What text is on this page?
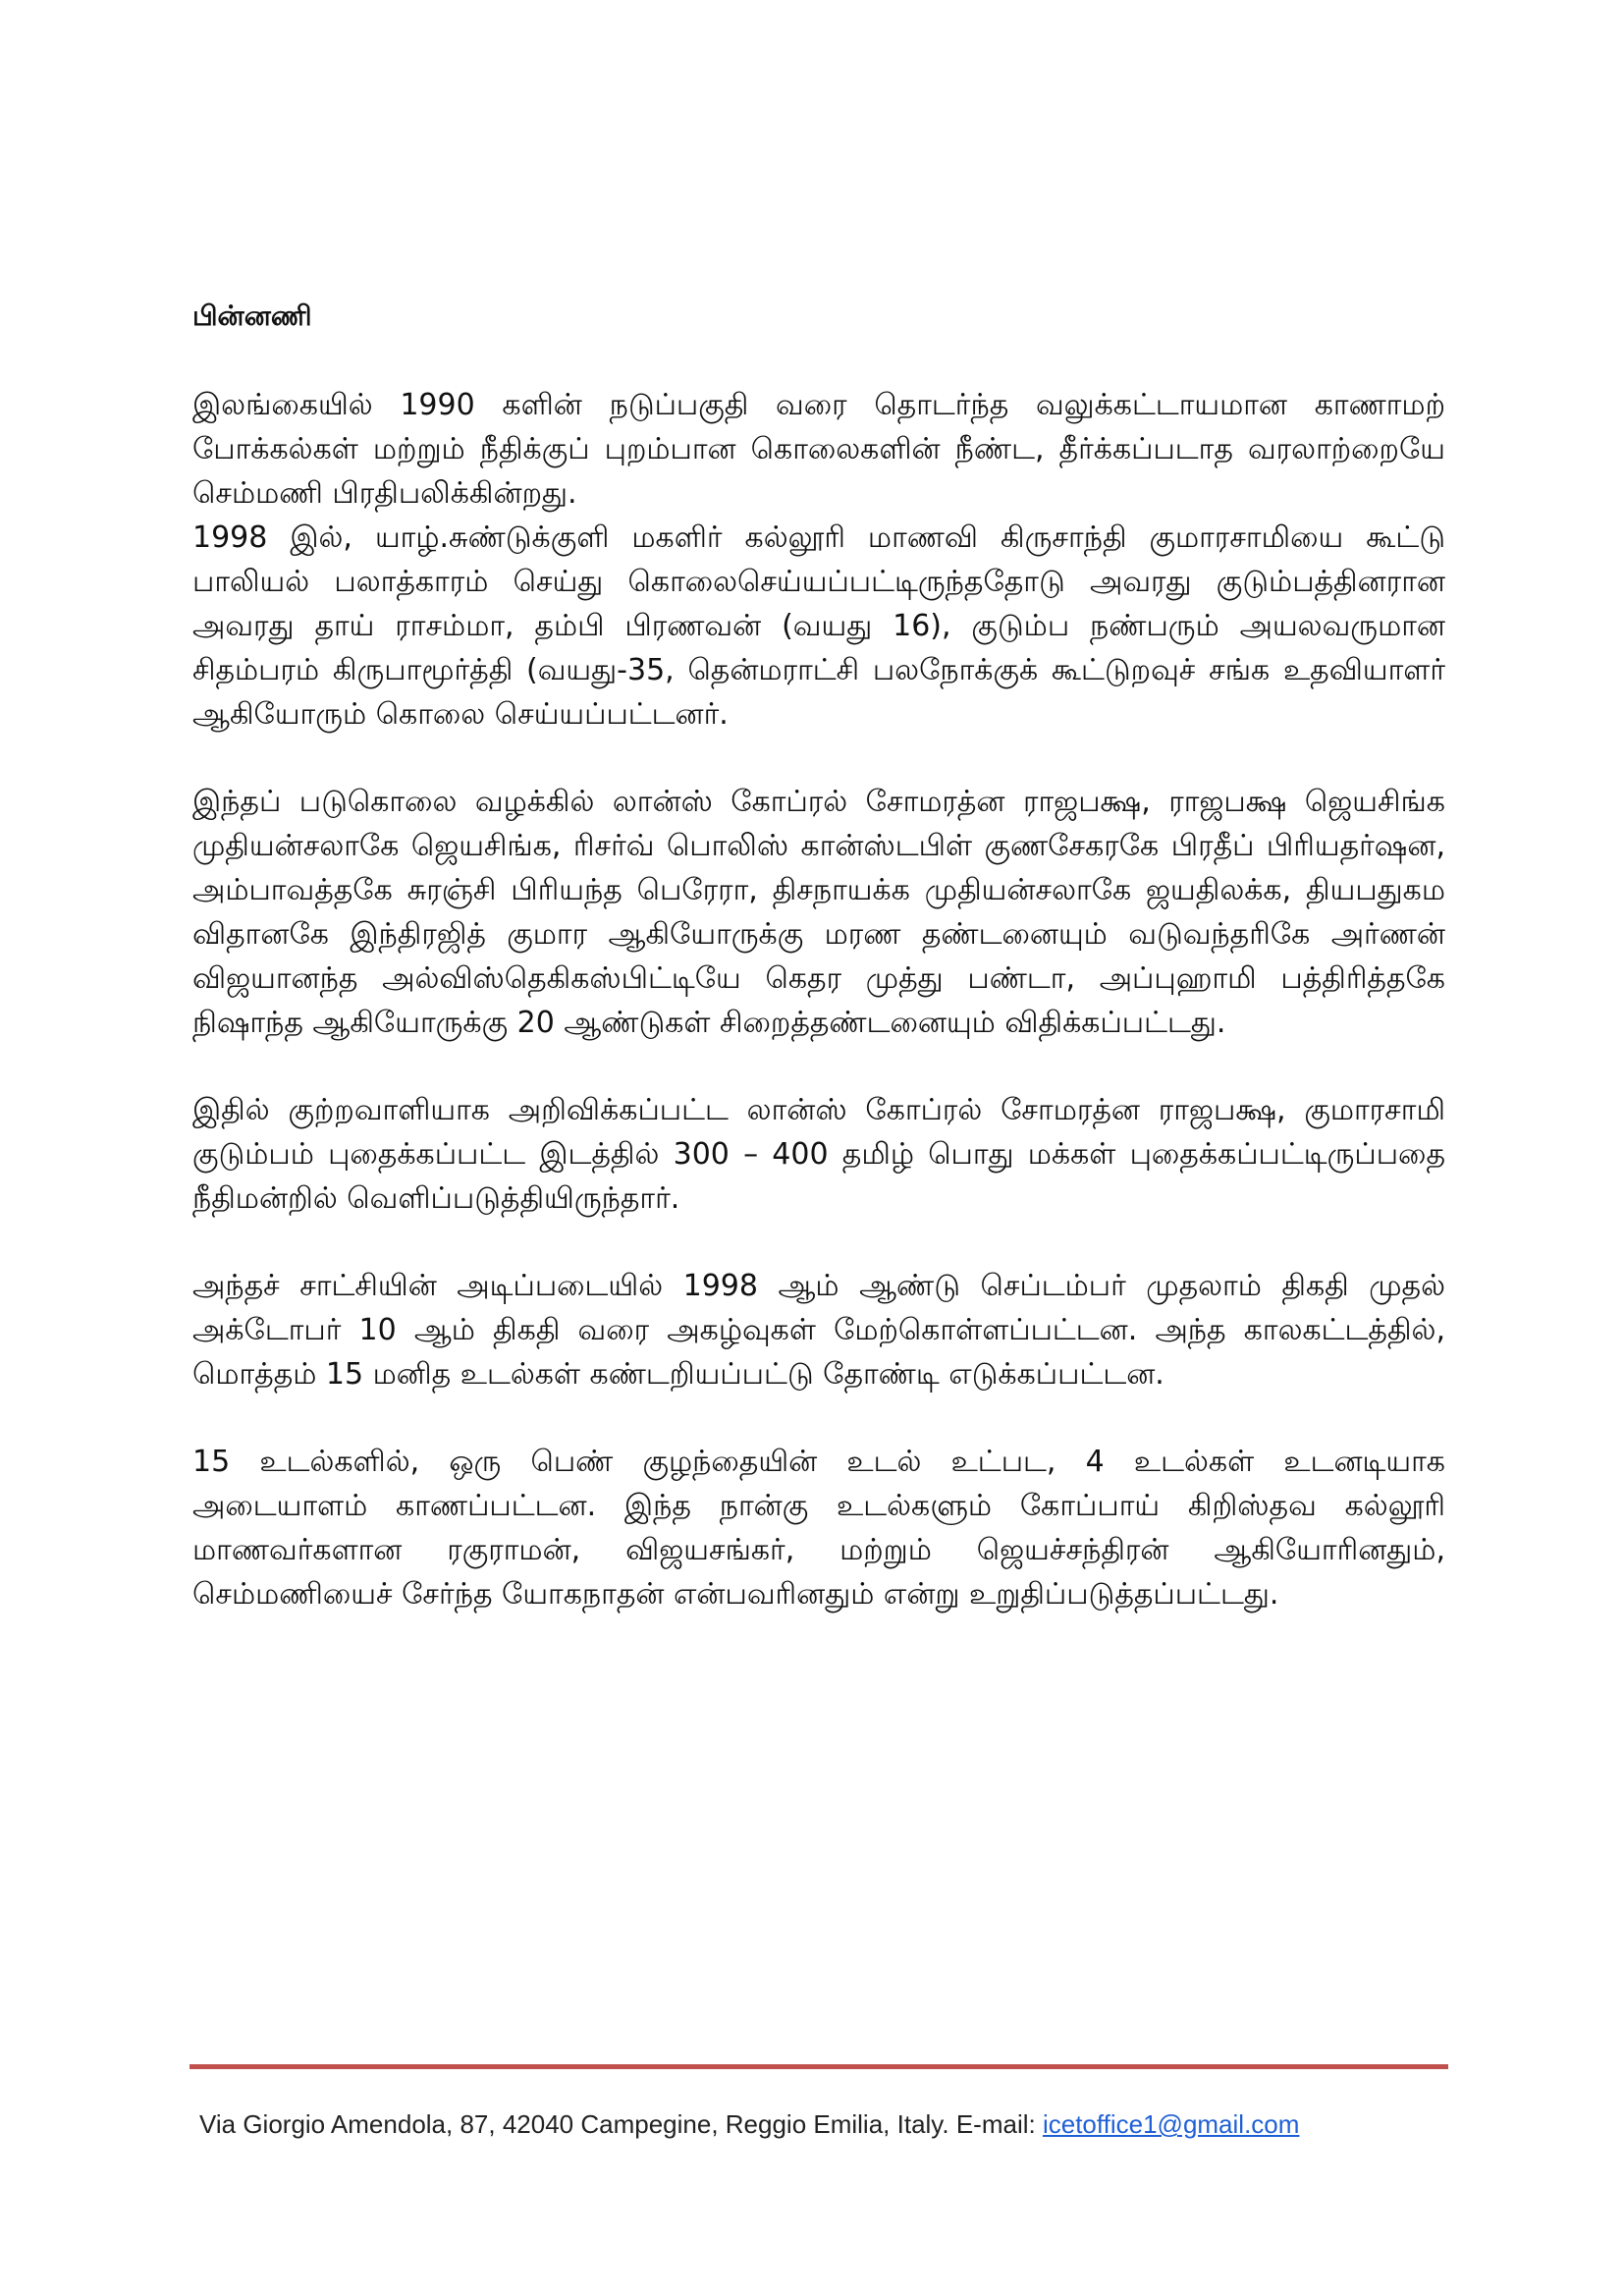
பின்னணி

இலங்கையில் 1990 களின் நடுப்பகுதி வரை தொடர்ந்த வலுக்கட்டாயமான காணாமற் போக்கல்கள் மற்றும் நீதிக்குப் புறம்பான கொலைகளின் நீண்ட, தீர்க்கப்படாத வரலாற்றையே செம்மணி பிரதிபலிக்கின்றது.

1998 இல், யாழ்.சுண்டுக்குளி மகளிர் கல்லூரி மாணவி கிருசாந்தி குமாரசாமியை கூட்டு பாலியல் பலாத்காரம் செய்து கொலைசெய்யப்பட்டிருந்ததோடு அவரது குடும்பத்தினரான அவரது தாய் ராசம்மா, தம்பி பிரணவன் (வயது 16), குடும்ப நண்பரும் அயலவருமான சிதம்பரம் கிருபாமூர்த்தி (வயது-35, தென்மராட்சி பலநோக்குக் கூட்டுறவுச் சங்க உதவியாளர் ஆகியோரும் கொலை செய்யப்பட்டனர்.

இந்தப் படுகொலை வழக்கில் லான்ஸ் கோப்ரல் சோமரத்ன ராஜபக்ஷ, ராஜபக்ஷ ஜெயசிங்க முதியன்சலாகே ஜெயசிங்க, ரிசர்வ் பொலிஸ் கான்ஸ்டபிள் குணசேகரகே பிரதீப் பிரியதர்ஷன, அம்பாவத்தகே சுரஞ்சி பிரியந்த பெரேரா, திசநாயக்க முதியன்சலாகே ஜயதிலக்க, தியபதுகம விதானகே இந்திரஜித் குமார ஆகியோருக்கு மரண தண்டனையும் வடுவந்தரிகே அர்ணன் விஜயானந்த அல்விஸ்தெகிகஸ்பிட்டியே கெதர முத்து பண்டா, அப்புஹாமி பத்திரித்தகே நிஷாந்த ஆகியோருக்கு 20 ஆண்டுகள் சிறைத்தண்டனையும் விதிக்கப்பட்டது.

இதில் குற்றவாளியாக அறிவிக்கப்பட்ட லான்ஸ் கோப்ரல் சோமரத்ன ராஜபக்ஷ, குமாரசாமி குடும்பம் புதைக்கப்பட்ட இடத்தில் 300 – 400 தமிழ் பொது மக்கள் புதைக்கப்பட்டிருப்பதை நீதிமன்றில் வெளிப்படுத்தியிருந்தார்.

அந்தச் சாட்சியின் அடிப்படையில் 1998 ஆம் ஆண்டு செப்டம்பர் முதலாம் திகதி முதல் அக்டோபர் 10 ஆம் திகதி வரை அகழ்வுகள் மேற்கொள்ளப்பட்டன. அந்த காலகட்டத்தில், மொத்தம் 15 மனித உடல்கள் கண்டறியப்பட்டு தோண்டி எடுக்கப்பட்டன.

15 உடல்களில், ஒரு பெண் குழந்தையின் உடல் உட்பட, 4 உடல்கள் உடனடியாக அடையாளம் காணப்பட்டன. இந்த நான்கு உடல்களும் கோப்பாய் கிறிஸ்தவ கல்லூரி மாணவர்களான ரகுராமன், விஜயசங்கர், மற்றும் ஜெயச்சந்திரன் ஆகியோரினதும், செம்மணியைச் சேர்ந்த யோகநாதன் என்பவரினதும் என்று உறுதிப்படுத்தப்பட்டது.

Via Giorgio Amendola, 87, 42040 Campegine, Reggio Emilia, Italy. E-mail: icetoffice1@gmail.com
